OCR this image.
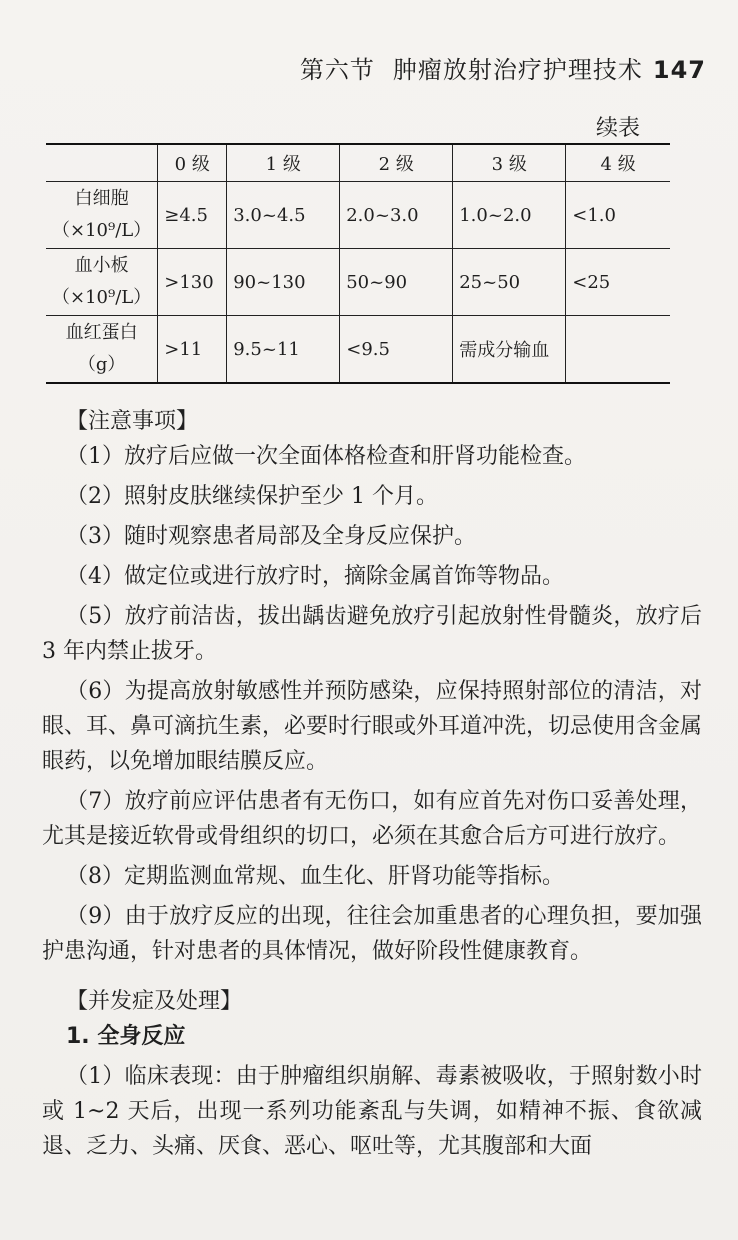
第六节 肿瘤放射治疗护理技术 147
续表
	0 级	1 级	2 级	3 级	4 级
白细胞
（×10⁹/L）	≥4.5	3.0~4.5	2.0~3.0	1.0~2.0	<1.0
血小板
（×10⁹/L）	>130	90~130	50~90	25~50	<25
血红蛋白
（g）	>11	9.5~11	<9.5	需成分输血	

【注意事项】

（1）放疗后应做一次全面体格检查和肝肾功能检查。

（2）照射皮肤继续保护至少 1 个月。

（3）随时观察患者局部及全身反应保护。

（4）做定位或进行放疗时，摘除金属首饰等物品。

（5）放疗前洁齿，拔出龋齿避免放疗引起放射性骨髓炎，放疗后 3 年内禁止拔牙。

（6）为提高放射敏感性并预防感染，应保持照射部位的清洁，对眼、耳、鼻可滴抗生素，必要时行眼或外耳道冲洗，切忌使用含金属眼药，以免增加眼结膜反应。

（7）放疗前应评估患者有无伤口，如有应首先对伤口妥善处理，尤其是接近软骨或骨组织的切口，必须在其愈合后方可进行放疗。

（8）定期监测血常规、血生化、肝肾功能等指标。

（9）由于放疗反应的出现，往往会加重患者的心理负担，要加强护患沟通，针对患者的具体情况，做好阶段性健康教育。

【并发症及处理】

1. 全身反应

（1）临床表现：由于肿瘤组织崩解、毒素被吸收，于照射数小时或 1~2 天后，出现一系列功能紊乱与失调，如精神不振、食欲减退、乏力、头痛、厌食、恶心、呕吐等，尤其腹部和大面
